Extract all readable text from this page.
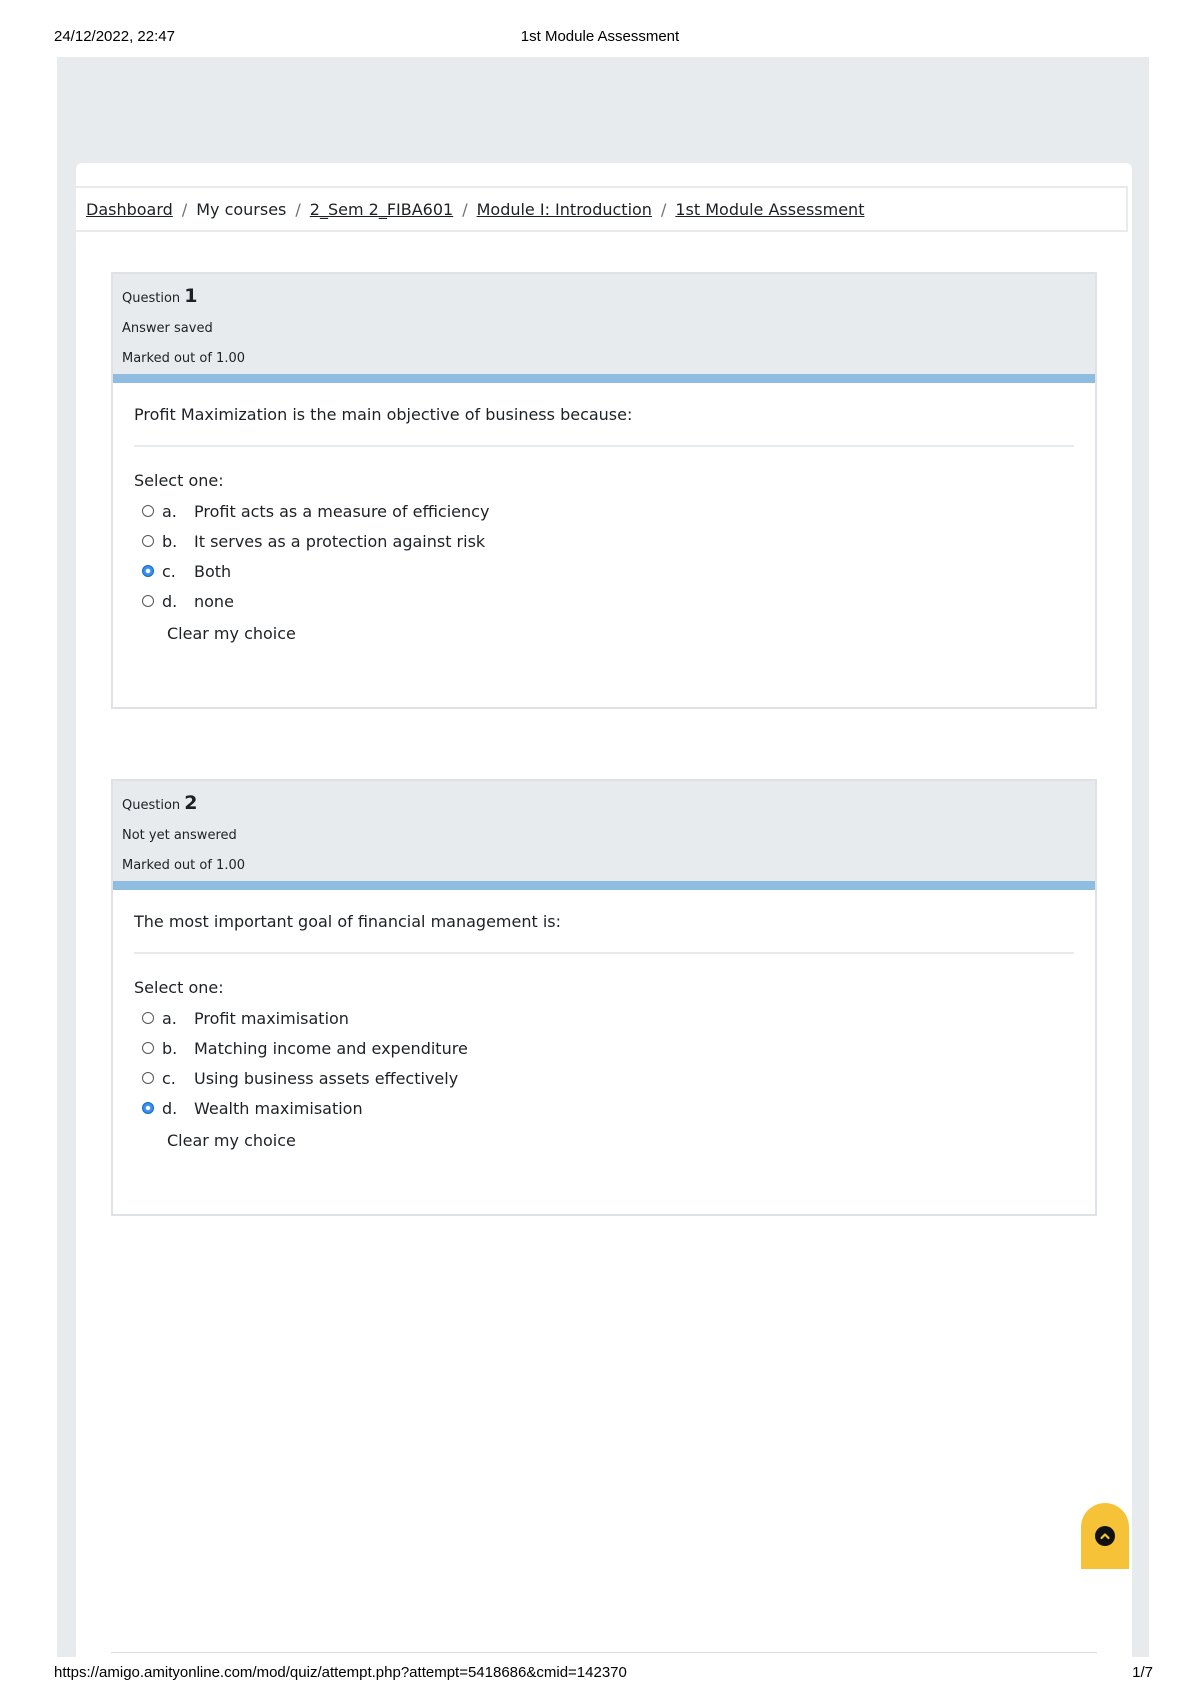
24/12/2022, 22:47	1st Module Assessment
Dashboard / My courses / 2_Sem 2_FIBA601 / Module I: Introduction / 1st Module Assessment
Question 1
Answer saved
Marked out of 1.00
Profit Maximization is the main objective of business because:
Select one:
a.	Profit acts as a measure of efficiency
b.	It serves as a protection against risk
c.	Both
d.	none
Clear my choice
Question 2
Not yet answered
Marked out of 1.00
The most important goal of financial management is:
Select one:
a.	Profit maximisation
b.	Matching income and expenditure
c.	Using business assets effectively
d.	Wealth maximisation
Clear my choice
https://amigo.amityonline.com/mod/quiz/attempt.php?attempt=5418686&cmid=142370	1/7
